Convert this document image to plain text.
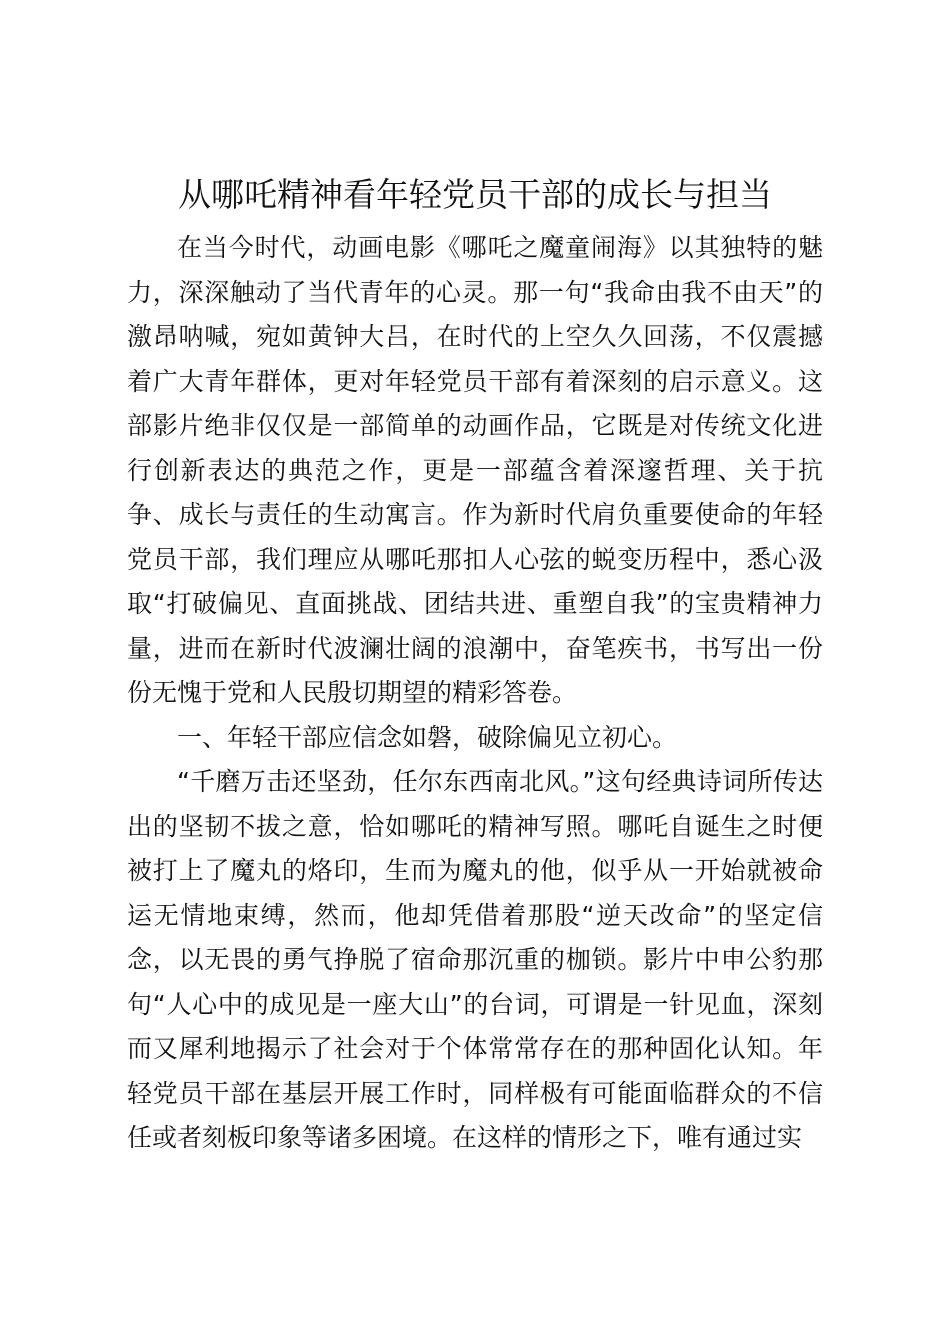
从哪吒精神看年轻党员干部的成长与担当

在当今时代，动画电影《哪吒之魔童闹海》以其独特的魅力，深深触动了当代青年的心灵。那一句“我命由我不由天”的激昂呐喊，宛如黄钟大吕，在时代的上空久久回荡，不仅震撼着广大青年群体，更对年轻党员干部有着深刻的启示意义。这部影片绝非仅仅是一部简单的动画作品，它既是对传统文化进行创新表达的典范之作，更是一部蕴含着深邃哲理、关于抗争、成长与责任的生动寓言。作为新时代肩负重要使命的年轻党员干部，我们理应从哪吒那扣人心弦的蜕变历程中，悉心汲取“打破偏见、直面挑战、团结共进、重塑自我”的宝贵精神力量，进而在新时代波澜壮阔的浪潮中，奋笔疾书，书写出一份份无愧于党和人民殷切期望的精彩答卷。

一、年轻干部应信念如磐，破除偏见立初心。

“千磨万击还坚劲，任尔东西南北风。”这句经典诗词所传达出的坚韧不拔之意，恰如哪吒的精神写照。哪吒自诞生之时便被打上了魔丸的烙印，生而为魔丸的他，似乎从一开始就被命运无情地束缚，然而，他却凭借着那股“逆天改命”的坚定信念，以无畏的勇气挣脱了宿命那沉重的枷锁。影片中申公豹那句“人心中的成见是一座大山”的台词，可谓是一针见血，深刻而又犀利地揭示了社会对于个体常常存在的那种固化认知。年轻党员干部在基层开展工作时，同样极有可能面临群众的不信任或者刻板印象等诸多困境。在这样的情形之下，唯有通过实
